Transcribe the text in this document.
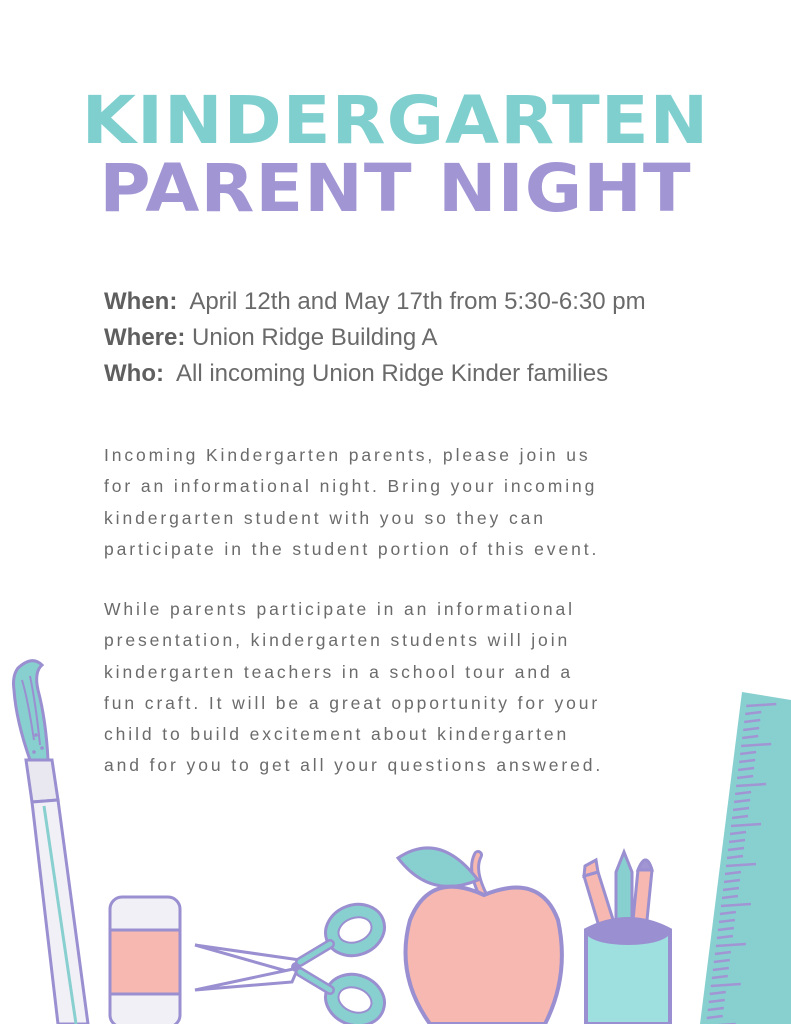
KINDERGARTEN
PARENT NIGHT
When: April 12th and May 17th from 5:30-6:30 pm
Where: Union Ridge Building A
Who: All incoming Union Ridge Kinder families
Incoming Kindergarten parents, please join us
for an informational night. Bring your incoming
kindergarten student with you so they can
participate in the student portion of this event.
While parents participate in an informational
presentation, kindergarten students will join
kindergarten teachers in a school tour and a
fun craft. It will be a great opportunity for your
child to build excitement about kindergarten
and for you to get all your questions answered.
